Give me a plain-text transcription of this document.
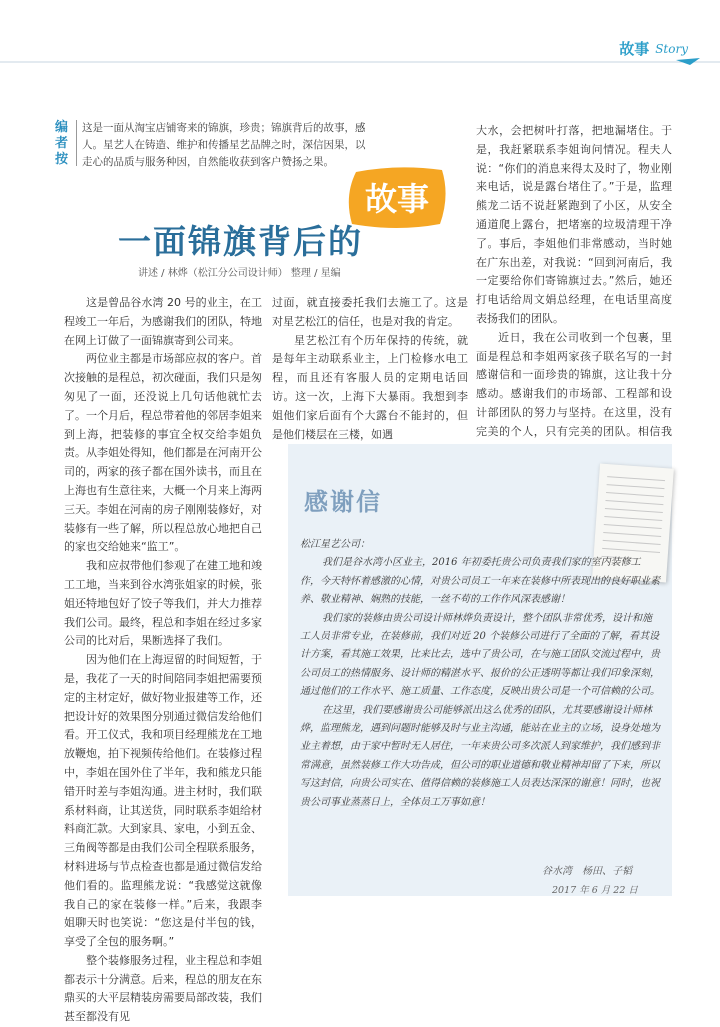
故事 Story
编者按
这是一面从淘宝店铺寄来的锦旗，珍贵；锦旗背后的故事，感人。星艺人在铸造、维护和传播星艺品牌之时，深信因果，以走心的品质与服务种因，自然能收获到客户赞扬之果。
故事
一面锦旗背后的
讲述 / 林烨（松江分公司设计师） 整理 / 星编

这是曾品谷水湾 20 号的业主，在工程竣工一年后，为感谢我们的团队，特地在网上订做了一面锦旗寄到公司来。

两位业主都是市场部应叔的客户。首次接触的是程总，初次碰面，我们只是匆匆见了一面，还没说上几句话他就忙去了。一个月后，程总带着他的邻居李姐来到上海，把装修的事宜全权交给李姐负责。从李姐处得知，他们都是在河南开公司的，两家的孩子都在国外读书，而且在上海也有生意往来，大概一个月来上海两三天。李姐在河南的房子刚刚装修好，对装修有一些了解，所以程总放心地把自己的家也交给她来“监工”。

我和应叔带他们参观了在建工地和竣工工地，当来到谷水湾张姐家的时候，张姐还特地包好了饺子等我们，并大力推荐我们公司。最终，程总和李姐在经过多家公司的比对后，果断选择了我们。

因为他们在上海逗留的时间短暂，于是，我花了一天的时间陪同李姐把需要预定的主材定好，做好物业报建等工作，还把设计好的效果图分别通过微信发给他们看。开工仪式，我和项目经理熊龙在工地放鞭炮，拍下视频传给他们。在装修过程中，李姐在国外住了半年，我和熊龙只能错开时差与李姐沟通。进主材时，我们联系材料商，让其送货，同时联系李姐给材料商汇款。大到家具、家电，小到五金、三角阀等都是由我们公司全程联系服务，材料进场与节点检查也都是通过微信发给他们看的。监理熊龙说：“我感觉这就像我自己的家在装修一样。”后来，我跟李姐聊天时也笑说：“您这是付半包的钱，享受了全包的服务啊。”

整个装修服务过程，业主程总和李姐都表示十分满意。后来，程总的朋友在东鼎买的大平层精装房需要局部改装，我们甚至都没有见

过面，就直接委托我们去施工了。这是对星艺松江的信任，也是对我的肯定。

星艺松江有个历年保持的传统，就是每年主动联系业主，上门检修水电工程，而且还有客服人员的定期电话回访。这一次，上海下大暴雨。我想到李姐他们家后面有个大露台不能封的，但是他们楼层在三楼，如遇

大水，会把树叶打落，把地漏堵住。于是，我赶紧联系李姐询问情况。程夫人说：“你们的消息来得太及时了，物业刚来电话，说是露台堵住了。”于是，监理熊龙二话不说赶紧跑到了小区，从安全通道爬上露台，把堵塞的垃圾清理干净了。事后，李姐他们非常感动，当时她在广东出差，对我说：“回到河南后，我一定要给你们寄锦旗过去。”然后，她还打电话给周文娟总经理，在电话里高度表扬我们的团队。

近日，我在公司收到一个包裹，里面是程总和李姐两家孩子联名写的一封感谢信和一面珍贵的锦旗，这让我十分感动。感谢我们的市场部、工程部和设计部团队的努力与坚持。在这里，没有完美的个人，只有完美的团队。相信我

感谢信

松江星艺公司：

我们是谷水湾小区业主，2016 年初委托贵公司负责我们家的室内装修工作，今天特怀着感激的心情，对贵公司员工一年来在装修中所表现出的良好职业素养、敬业精神、娴熟的技能，一丝不苟的工作作风深表感谢！

我们家的装修由贵公司设计师林烨负责设计，整个团队非常优秀，设计和施工人员非常专业，在装修前，我们对近 20 个装修公司进行了全面的了解，看其设计方案，看其施工效果，比来比去，选中了贵公司，在与施工团队交流过程中，贵公司员工的热情服务、设计师的精湛水平、报价的公正透明等都让我们印象深刻，通过他们的工作水平、施工质量、工作态度，反映出贵公司是一个可信赖的公司。

在这里，我们要感谢贵公司能够派出这么优秀的团队，尤其要感谢设计师林烨，监理熊龙，遇到问题时能够及时与业主沟通，能站在业主的立场，设身处地为业主着想，由于家中暂时无人居住，一年来贵公司多次派人到家维护，我们感到非常满意，虽然装修工作大功告成，但公司的职业道德和敬业精神却留了下来，所以写这封信，向贵公司实在、值得信赖的装修施工人员表达深深的谢意！同时，也祝贵公司事业蒸蒸日上，全体员工万事如意！

谷水湾　杨田、子韬
2017 年 6 月 22 日
